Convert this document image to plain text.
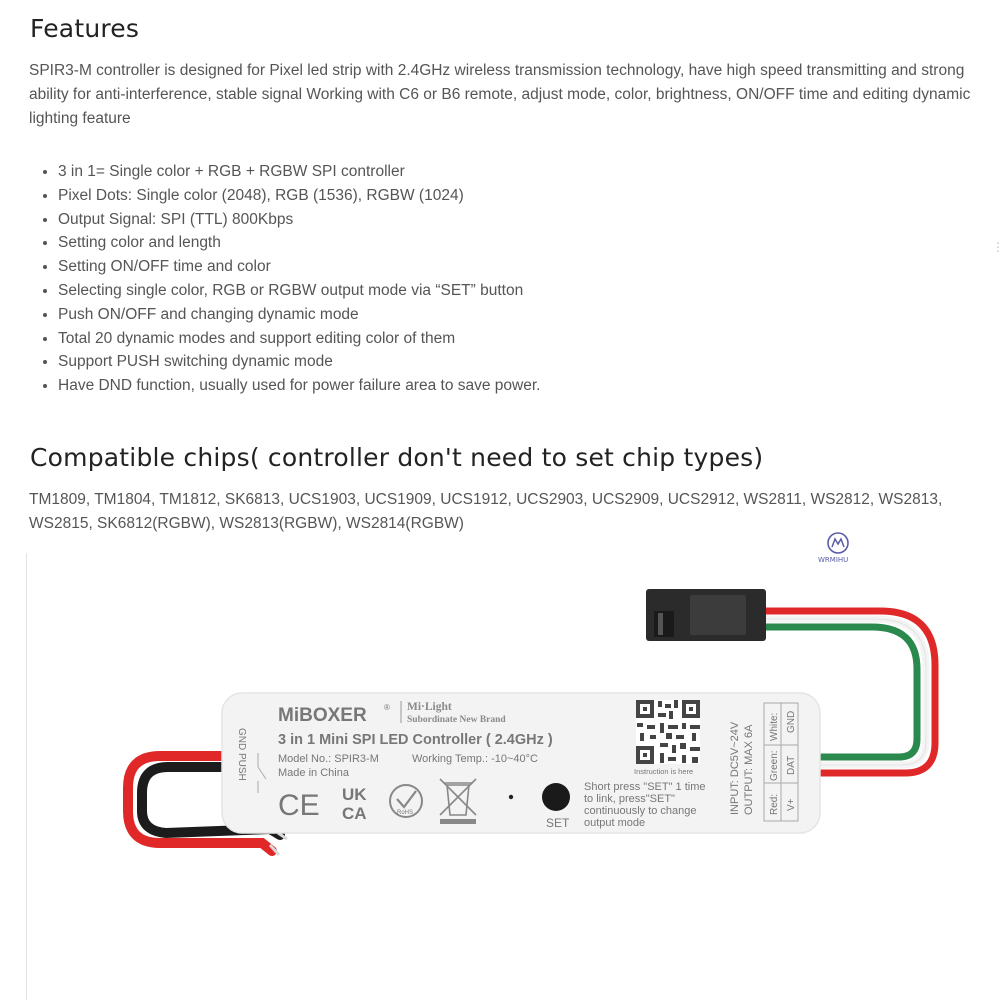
Features

SPIR3-M controller is designed for Pixel led strip with 2.4GHz wireless transmission technology, have high speed transmitting and strong ability for anti-interference, stable signal Working with C6 or B6 remote, adjust mode, color, brightness, ON/OFF time and editing dynamic lighting feature

• 3 in 1= Single color + RGB + RGBW SPI controller
• Pixel Dots: Single color (2048), RGB (1536), RGBW (1024)
• Output Signal: SPI (TTL) 800Kbps
• Setting color and length
• Setting ON/OFF time and color
• Selecting single color, RGB or RGBW output mode via “SET” button
• Push ON/OFF and changing dynamic mode
• Total 20 dynamic modes and support editing color of them
• Support PUSH switching dynamic mode
• Have DND function, usually used for power failure area to save power.
Compatible chips( controller don't need to set chip types)

TM1809, TM1804, TM1812, SK6813, UCS1903, UCS1909, UCS1912, UCS2903, UCS2909, UCS2912, WS2811, WS2812, WS2813, WS2815, SK6812(RGBW), WS2813(RGBW), WS2814(RGBW)

⋮
WRMIHU
MiBOXER ® Mi·Light
Subordinate New Brand
3 in 1 Mini SPI LED Controller ( 2.4GHz )
Model No.: SPIR3-M	Working Temp.: -10~40°C
Made in China
GND PUSH
CE UK
CA	RoHS
SET
Short press "SET" 1 time
to link, press"SET"
continuously to change
output mode
Instruction is here	INPUT: DC5V~24V OUTPUT: MAX 6A White: GND
Green: DAT
Red: V+
